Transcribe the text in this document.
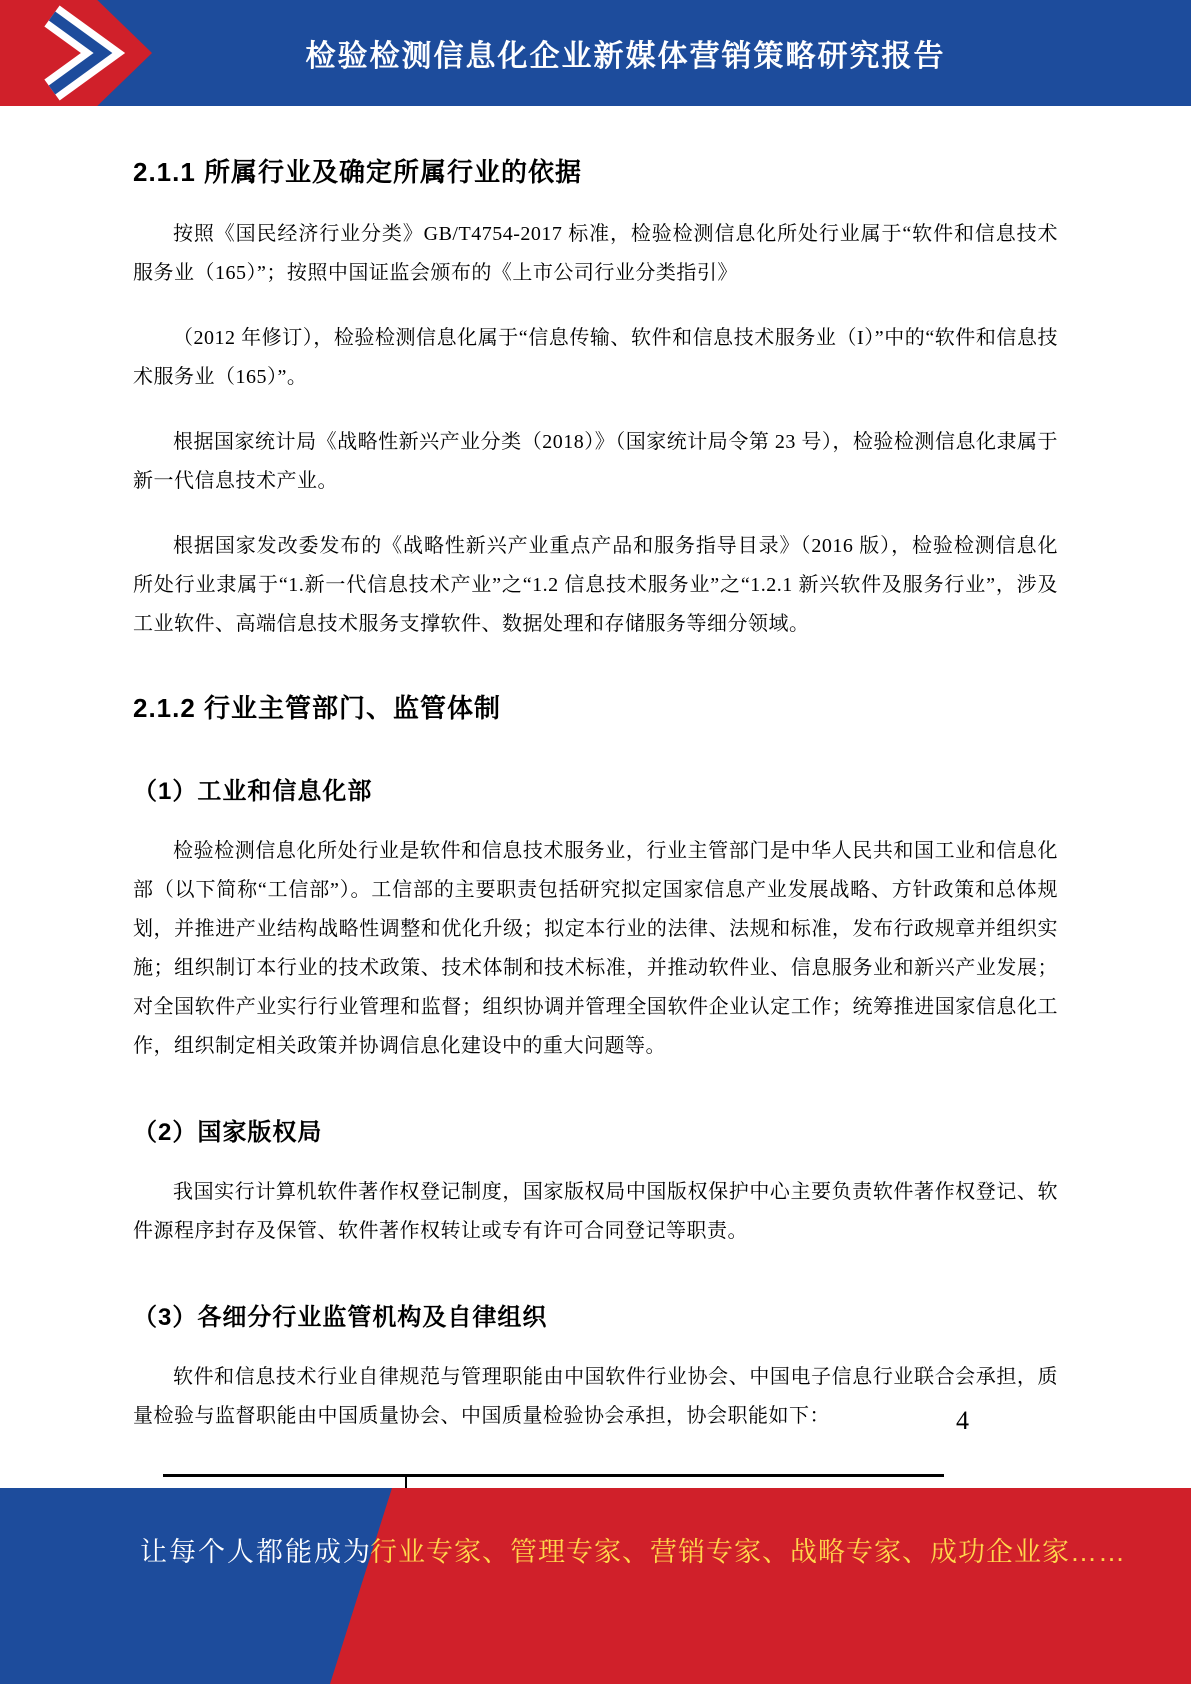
检验检测信息化企业新媒体营销策略研究报告
2.1.1 所属行业及确定所属行业的依据

按照《国民经济行业分类》GB/T4754-2017 标准，检验检测信息化所处行业属于“软件和信息技术服务业（165）”；按照中国证监会颁布的《上市公司行业分类指引》

（2012 年修订），检验检测信息化属于“信息传输、软件和信息技术服务业（I）”中的“软件和信息技术服务业（165）”。

根据国家统计局《战略性新兴产业分类（2018）》（国家统计局令第 23 号），检验检测信息化隶属于新一代信息技术产业。

根据国家发改委发布的《战略性新兴产业重点产品和服务指导目录》（2016 版），检验检测信息化所处行业隶属于“1.新一代信息技术产业”之“1.2 信息技术服务业”之“1.2.1 新兴软件及服务行业”，涉及工业软件、高端信息技术服务支撑软件、数据处理和存储服务等细分领域。

2.1.2 行业主管部门、监管体制
（1）工业和信息化部

检验检测信息化所处行业是软件和信息技术服务业，行业主管部门是中华人民共和国工业和信息化部（以下简称“工信部”）。工信部的主要职责包括研究拟定国家信息产业发展战略、方针政策和总体规划，并推进产业结构战略性调整和优化升级；拟定本行业的法律、法规和标准，发布行政规章并组织实施；组织制订本行业的技术政策、技术体制和技术标准，并推动软件业、信息服务业和新兴产业发展；对全国软件产业实行行业管理和监督；组织协调并管理全国软件企业认定工作；统筹推进国家信息化工作，组织制定相关政策并协调信息化建设中的重大问题等。

（2）国家版权局

我国实行计算机软件著作权登记制度，国家版权局中国版权保护中心主要负责软件著作权登记、软件源程序封存及保管、软件著作权转让或专有许可合同登记等职责。

（3）各细分行业监管机构及自律组织

软件和信息技术行业自律规范与管理职能由中国软件行业协会、中国电子信息行业联合会承担，质量检验与监督职能由中国质量协会、中国质量检验协会承担，协会职能如下：	4
让每个人都能成为
行业专家、管理专家、营销专家、战略专家、成功企业家……
